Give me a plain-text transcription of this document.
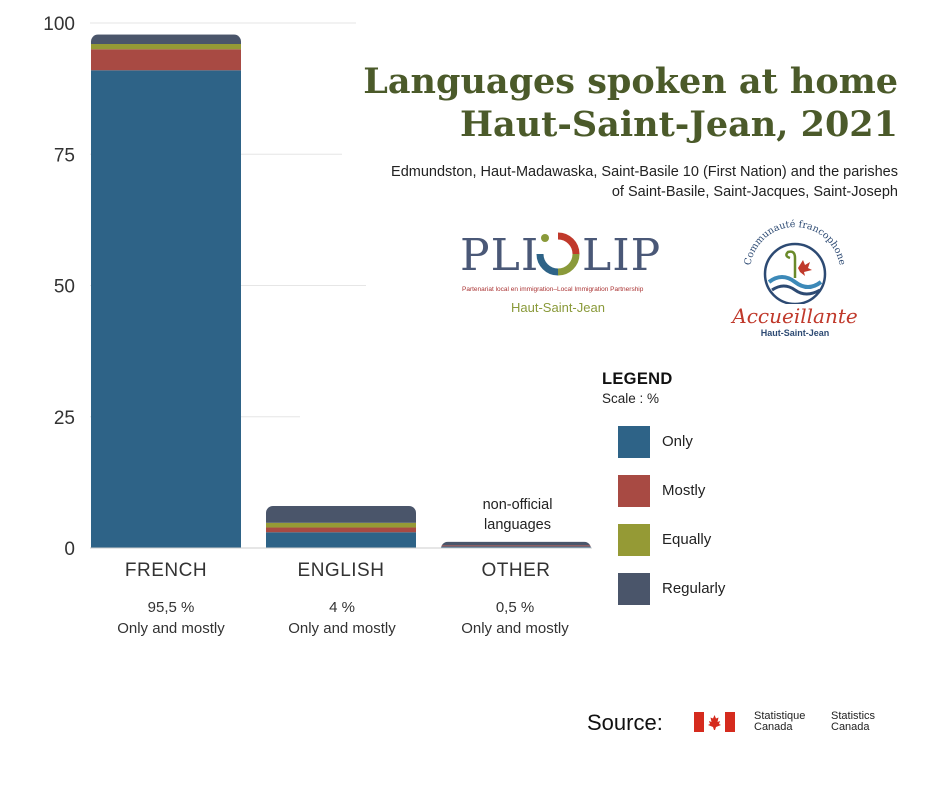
0
25
50
75
100
FRENCH	ENGLISH	OTHER
Languages spoken at home
Haut-Saint-Jean, 2021
Edmundston, Haut-Madawaska, Saint-Basile 10 (First Nation) and the parishes
of Saint-Basile, Saint-Jacques, Saint-Joseph
PLI LIP
Partenariat local en immigration–Local Immigration Partnership
Haut-Saint-Jean
Communauté francophone
Accueillante
Haut-Saint-Jean
non-official
languages
95,5 %
Only and mostly
4 %
Only and mostly
0,5 %
Only and mostly
LEGEND
Scale : %
Only
Mostly
Equally
Regularly
Source:	Statistique
Canada
Statistics
Canada
